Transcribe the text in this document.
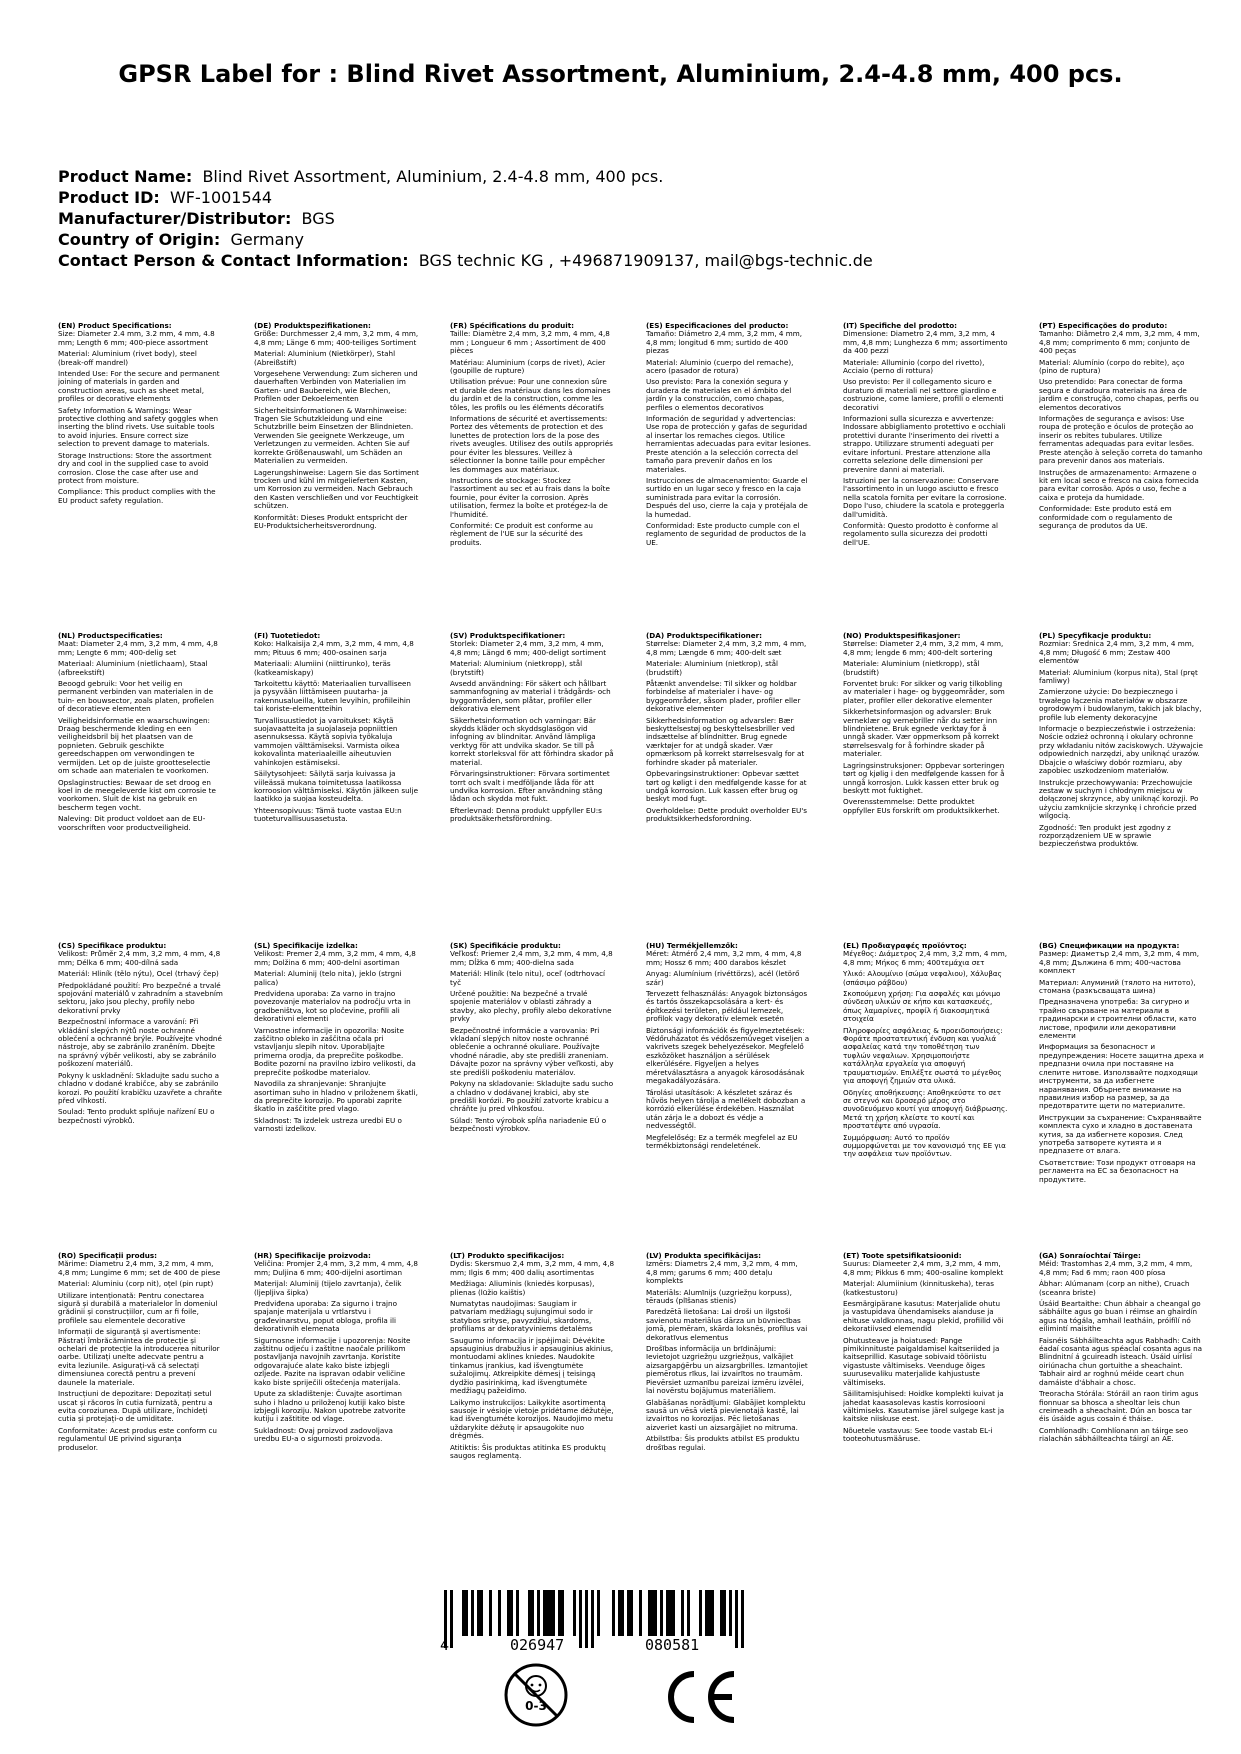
GPSR Label for : Blind Rivet Assortment, Aluminium, 2.4-4.8 mm, 400 pcs.
Product Name: Blind Rivet Assortment, Aluminium, 2.4-4.8 mm, 400 pcs.
Product ID: WF-1001544
Manufacturer/Distributor: BGS
Country of Origin: Germany
Contact Person & Contact Information: BGS technic KG , +496871909137, mail@bgs-technic.de
(EN) Product Specifications:
Size: Diameter 2.4 mm, 3.2 mm, 4 mm, 4.8 mm; Length 6 mm; 400-piece assortment
Material: Aluminium (rivet body), steel (break-off mandrel)
Intended Use: For the secure and permanent joining of materials in garden and construction areas, such as sheet metal, profiles or decorative elements
Safety Information & Warnings: Wear protective clothing and safety goggles when inserting the blind rivets. Use suitable tools to avoid injuries. Ensure correct size selection to prevent damage to materials.
Storage Instructions: Store the assortment dry and cool in the supplied case to avoid corrosion. Close the case after use and protect from moisture.
Compliance: This product complies with the EU product safety regulation.
(DE) Produktspezifikationen:
Größe: Durchmesser 2,4 mm, 3,2 mm, 4 mm, 4,8 mm; Länge 6 mm; 400-teiliges Sortiment
Material: Aluminium (Nietkörper), Stahl (Abreißstift)
Vorgesehene Verwendung: Zum sicheren und dauerhaften Verbinden von Materialien im Garten- und Baubereich, wie Blechen, Profilen oder Dekoelementen
Sicherheitsinformationen & Warnhinweise: Tragen Sie Schutzkleidung und eine Schutzbrille beim Einsetzen der Blindnieten. Verwenden Sie geeignete Werkzeuge, um Verletzungen zu vermeiden. Achten Sie auf korrekte Größenauswahl, um Schäden an Materialien zu vermeiden.
Lagerungshinweise: Lagern Sie das Sortiment trocken und kühl im mitgelieferten Kasten, um Korrosion zu vermeiden. Nach Gebrauch den Kasten verschließen und vor Feuchtigkeit schützen.
Konformität: Dieses Produkt entspricht der EU-Produktsicherheitsverordnung.
(FR) Spécifications du produit:
Taille: Diamètre 2,4 mm, 3,2 mm, 4 mm, 4,8 mm ; Longueur 6 mm ; Assortiment de 400 pièces
Matériau: Aluminium (corps de rivet), Acier (goupille de rupture)
Utilisation prévue: Pour une connexion sûre et durable des matériaux dans les domaines du jardin et de la construction, comme les tôles, les profils ou les éléments décoratifs
Informations de sécurité et avertissements: Portez des vêtements de protection et des lunettes de protection lors de la pose des rivets aveugles. Utilisez des outils appropriés pour éviter les blessures. Veillez à sélectionner la bonne taille pour empêcher les dommages aux matériaux.
Instructions de stockage: Stockez l'assortiment au sec et au frais dans la boîte fournie, pour éviter la corrosion. Après utilisation, fermez la boîte et protégez-la de l'humidité.
Conformité: Ce produit est conforme au règlement de l'UE sur la sécurité des produits.
(ES) Especificaciones del producto:
Tamaño: Diámetro 2,4 mm, 3,2 mm, 4 mm, 4,8 mm; longitud 6 mm; surtido de 400 piezas
Material: Aluminio (cuerpo del remache), acero (pasador de rotura)
Uso previsto: Para la conexión segura y duradera de materiales en el ámbito del jardín y la construcción, como chapas, perfiles o elementos decorativos
Información de seguridad y advertencias: Use ropa de protección y gafas de seguridad al insertar los remaches ciegos. Utilice herramientas adecuadas para evitar lesiones. Preste atención a la selección correcta del tamaño para prevenir daños en los materiales.
Instrucciones de almacenamiento: Guarde el surtido en un lugar seco y fresco en la caja suministrada para evitar la corrosión. Después del uso, cierre la caja y protéjala de la humedad.
Conformidad: Este producto cumple con el reglamento de seguridad de productos de la UE.
(IT) Specifiche del prodotto:
Dimensione: Diametro 2,4 mm, 3,2 mm, 4 mm, 4,8 mm; Lunghezza 6 mm; assortimento da 400 pezzi
Materiale: Alluminio (corpo del rivetto), Acciaio (perno di rottura)
Uso previsto: Per il collegamento sicuro e duraturo di materiali nel settore giardino e costruzione, come lamiere, profili o elementi decorativi
Informazioni sulla sicurezza e avvertenze: Indossare abbigliamento protettivo e occhiali protettivi durante l'inserimento dei rivetti a strappo. Utilizzare strumenti adeguati per evitare infortuni. Prestare attenzione alla corretta selezione delle dimensioni per prevenire danni ai materiali.
Istruzioni per la conservazione: Conservare l'assortimento in un luogo asciutto e fresco nella scatola fornita per evitare la corrosione. Dopo l'uso, chiudere la scatola e proteggerla dall'umidità.
Conformità: Questo prodotto è conforme al regolamento sulla sicurezza dei prodotti dell'UE.
(PT) Especificações do produto:
Tamanho: Diâmetro 2,4 mm, 3,2 mm, 4 mm, 4,8 mm; comprimento 6 mm; conjunto de 400 peças
Material: Alumínio (corpo do rebite), aço (pino de ruptura)
Uso pretendido: Para conectar de forma segura e duradoura materiais na área de jardim e construção, como chapas, perfis ou elementos decorativos
Informações de segurança e avisos: Use roupa de proteção e óculos de proteção ao inserir os rebites tubulares. Utilize ferramentas adequadas para evitar lesões. Preste atenção à seleção correta do tamanho para prevenir danos aos materiais.
Instruções de armazenamento: Armazene o kit em local seco e fresco na caixa fornecida para evitar corrosão. Após o uso, feche a caixa e proteja da humidade.
Conformidade: Este produto está em conformidade com o regulamento de segurança de produtos da UE.
(NL) Productspecificaties:
Maat: Diameter 2,4 mm, 3,2 mm, 4 mm, 4,8 mm; Lengte 6 mm; 400-delig set
Materiaal: Aluminium (nietlichaam), Staal (afbreekstift)
Beoogd gebruik: Voor het veilig en permanent verbinden van materialen in de tuin- en bouwsector, zoals platen, profielen of decoratieve elementen
Veiligheidsinformatie en waarschuwingen: Draag beschermende kleding en een veiligheidsbril bij het plaatsen van de popnieten. Gebruik geschikte gereedschappen om verwondingen te vermijden. Let op de juiste grootteselectie om schade aan materialen te voorkomen.
Opslaginstructies: Bewaar de set droog en koel in de meegeleverde kist om corrosie te voorkomen. Sluit de kist na gebruik en bescherm tegen vocht.
Naleving: Dit product voldoet aan de EU-voorschriften voor productveiligheid.
(FI) Tuotetiedot:
Koko: Halkaisija 2,4 mm, 3,2 mm, 4 mm, 4,8 mm; Pituus 6 mm; 400-osainen sarja
Materiaali: Alumiini (niittirunko), teräs (katkeamiskapy)
Tarkoitettu käyttö: Materiaalien turvalliseen ja pysyvään liittämiseen puutarha- ja rakennusalueilla, kuten levyihin, profiileihin tai koriste-elementteihin
Turvallisuustiedot ja varoitukset: Käytä suojavaatteita ja suojalaseja popniittien asennuksessa. Käytä sopivia työkaluja vammojen välttämiseksi. Varmista oikea kokovalinta materiaaleille aiheutuvien vahinkojen estämiseksi.
Säilytysohjeet: Säilytä sarja kuivassa ja viileässä mukana toimitetussa laatikossa korroosion välttämiseksi. Käytön jälkeen sulje laatikko ja suojaa kosteudelta.
Yhteensopivuus: Tämä tuote vastaa EU:n tuoteturvallisuusasetusta.
(SV) Produktspecifikationer:
Storlek: Diameter 2,4 mm, 3,2 mm, 4 mm, 4,8 mm; Längd 6 mm; 400-deligt sortiment
Material: Aluminium (nietkropp), stål (brytstift)
Avsedd användning: För säkert och hållbart sammanfogning av material i trädgårds- och byggområden, som plåtar, profiler eller dekorativa element
Säkerhetsinformation och varningar: Bär skydds kläder och skyddsglasögon vid infogning av blindnitar. Använd lämpliga verktyg för att undvika skador. Se till på korrekt storleksval för att förhindra skador på material.
Förvaringsinstruktioner: Förvara sortimentet torrt och svalt i medföljande låda för att undvika korrosion. Efter användning stäng lådan och skydda mot fukt.
Efterlevnad: Denna produkt uppfyller EU:s produktsäkerhetsförordning.
(DA) Produktspecifikationer:
Størrelse: Diameter 2,4 mm, 3,2 mm, 4 mm, 4,8 mm; Længde 6 mm; 400-delt sæt
Materiale: Aluminium (nietkrop), stål (brudstift)
Påtænkt anvendelse: Til sikker og holdbar forbindelse af materialer i have- og byggeområder, såsom plader, profiler eller dekorative elementer
Sikkerhedsinformation og advarsler: Bær beskyttelsestøj og beskyttelsesbriller ved indsættelse af blindnitter. Brug egnede værktøjer for at undgå skader. Vær opmærksom på korrekt størrelsesvalg for at forhindre skader på materialer.
Opbevaringsinstruktioner: Opbevar sættet tørt og køligt i den medfølgende kasse for at undgå korrosion. Luk kassen efter brug og beskyt mod fugt.
Overholdelse: Dette produkt overholder EU's produktsikkerhedsforordning.
(NO) Produktspesifikasjoner:
Størrelse: Diameter 2,4 mm, 3,2 mm, 4 mm, 4,8 mm; lengde 6 mm; 400-delt sortering
Materiale: Aluminium (nietkropp), stål (brudstift)
Forventet bruk: For sikker og varig tilkobling av materialer i hage- og byggeområder, som plater, profiler eller dekorative elementer
Sikkerhetsinformasjon og advarsler: Bruk verneklær og vernebriller når du setter inn blindnietene. Bruk egnede verktøy for å unngå skader. Vær oppmerksom på korrekt størrelsesvalg for å forhindre skader på materialer.
Lagringsinstruksjoner: Oppbevar sorteringen tørt og kjølig i den medfølgende kassen for å unngå korrosjon. Lukk kassen etter bruk og beskytt mot fuktighet.
Overensstemmelse: Dette produktet oppfyller EUs forskrift om produktsikkerhet.
(PL) Specyfikacje produktu:
Rozmiar: Średnica 2,4 mm, 3,2 mm, 4 mm, 4,8 mm; Długość 6 mm; Zestaw 400 elementów
Materiał: Aluminium (korpus nita), Stal (pręt famliwy)
Zamierzone użycie: Do bezpiecznego i trwałego łączenia materiałów w obszarze ogrodowym i budowlanym, takich jak blachy, profile lub elementy dekoracyjne
Informacje o bezpieczeństwie i ostrzeżenia: Noście odzież ochronną i okulary ochronne przy wkładaniu nitów zaciskowych. Używajcie odpowiednich narzędzi, aby uniknąć urazów. Dbajcie o właściwy dobór rozmiaru, aby zapobiec uszkodzeniom materiałów.
Instrukcje przechowywania: Przechowujcie zestaw w suchym i chłodnym miejscu w dołączonej skrzynce, aby uniknąć korozji. Po użyciu zamknijcie skrzynkę i chrońcie przed wilgocią.
Zgodność: Ten produkt jest zgodny z rozporządzeniem UE w sprawie bezpieczeństwa produktów.
(CS) Specifikace produktu:
Velikost: Průměr 2,4 mm, 3,2 mm, 4 mm, 4,8 mm; Délka 6 mm; 400-dílná sada
Materiál: Hliník (tělo nýtu), Ocel (trhavý čep)
Předpokládané použití: Pro bezpečné a trvalé spojování materiálů v zahradním a stavebním sektoru, jako jsou plechy, profily nebo dekorativní prvky
Bezpečnostní informace a varování: Při vkládání slepých nýtů noste ochranné oblečení a ochranné brýle. Používejte vhodné nástroje, aby se zabránilo zraněním. Dbejte na správný výběr velikosti, aby se zabránilo poškození materiálů.
Pokyny k uskladnění: Skladujte sadu sucho a chladno v dodané krabičce, aby se zabránilo korozi. Po použití krabičku uzavřete a chraňte před vlhkostí.
Soulad: Tento produkt splňuje nařízení EU o bezpečnosti výrobků.
(SL) Specifikacije izdelka:
Velikost: Premer 2,4 mm, 3,2 mm, 4 mm, 4,8 mm; Dolžina 6 mm; 400-delni asortiman
Material: Aluminij (telo nita), jeklo (strgni palica)
Predvidena uporaba: Za varno in trajno povezovanje materialov na področju vrta in gradbeništva, kot so pločevine, profili ali dekorativni elementi
Varnostne informacije in opozorila: Nosite zaščitno obleko in zaščitna očala pri vstavljanju slepih nitov. Uporabljajte primerna orodja, da preprečite poškodbe. Bodite pozorni na pravilno izbiro velikosti, da preprečite poškodbe materialov.
Navodila za shranjevanje: Shranjujte asortiman suho in hladno v priloženem škatli, da preprečite korozijo. Po uporabi zaprite škatlo in zaščitite pred vlago.
Skladnost: Ta izdelek ustreza uredbi EU o varnosti izdelkov.
(SK) Špecifikácie produktu:
Veľkosť: Priemer 2,4 mm, 3,2 mm, 4 mm, 4,8 mm; Dĺžka 6 mm; 400-dielna sada
Materiál: Hliník (telo nitu), oceľ (odtrhovací tyč
Určené použitie: Na bezpečné a trvalé spojenie materiálov v oblasti záhrady a stavby, ako plechy, profily alebo dekoratívne prvky
Bezpečnostné informácie a varovania: Pri vkladaní slepých nitov noste ochranné oblečenie a ochranné okuliare. Používajte vhodné náradie, aby ste predišli zraneniam. Dávajte pozor na správny výber veľkosti, aby ste predišli poškodeniu materiálov.
Pokyny na skladovanie: Skladujte sadu sucho a chladno v dodávanej krabici, aby ste predišli korózii. Po použití zatvorte krabicu a chráňte ju pred vlhkosťou.
Súlad: Tento výrobok spĺňa nariadenie EÚ o bezpečnosti výrobkov.
(HU) Termékjellemzők:
Méret: Átmérő 2,4 mm, 3,2 mm, 4 mm, 4,8 mm; Hossz 6 mm; 400 darabos készlet
Anyag: Alumínium (rivéttörzs), acél (letörő szár)
Tervezett felhasználás: Anyagok biztonságos és tartós összekapcsolására a kert- és építkezési területen, például lemezek, profilok vagy dekoratív elemek esetén
Biztonsági információk és figyelmeztetések: Védőruházatot és védőszemüveget viseljen a vakrivets szegek behelyezésekor. Megfelelő eszközöket használjon a sérülések elkerülésére. Figyeljen a helyes méretválasztásra a anyagok károsodásának megakadályozására.
Tárolási utasítások: A készletet száraz és hűvös helyen tárolja a mellékelt dobozban a korrózió elkerülése érdekében. Használat után zárja le a dobozt és védje a nedvességtől.
Megfelelőség: Ez a termék megfelel az EU termékbiztonsági rendeletének.
(EL) Προδιαγραφές προϊόντος:
Μέγεθος: Διάμετρος 2,4 mm, 3,2 mm, 4 mm, 4,8 mm; Μήκος 6 mm; 400τεμάχια σετ
Υλικό: Αλουμίνιο (σώμα νεφαλιου), Χάλυβας (σπάσιμο ράβδου)
Σκοπούμενη χρήση: Για ασφαλές και μόνιμο σύνδεση υλικών σε κήπο και κατασκευές, όπως λαμαρίνες, προφίλ ή διακοσμητικά στοιχεία
Πληροφορίες ασφάλειας & προειδοποιήσεις: Φοράτε προστατευτική ένδυση και γυαλιά ασφαλείας κατά την τοποθέτηση των τυφλών νεφαλιων. Χρησιμοποιήστε κατάλληλα εργαλεία για αποφυγή τραυματισμών. Επιλέξτε σωστά το μέγεθος για αποφυγή ζημιών στα υλικά.
Οδηγίες αποθήκευσης: Αποθηκεύστε το σετ σε στεγνό και δροσερό μέρος στο συνοδευόμενο κουτί για αποφυγή διάβρωσης. Μετά τη χρήση κλείστε το κουτί και προστατέψτε από υγρασία.
Συμμόρφωση: Αυτό το προϊόν συμμορφώνεται με τον κανονισμό της ΕΕ για την ασφάλεια των προϊόντων.
(BG) Спецификации на продукта:
Размер: Диаметър 2,4 mm, 3,2 mm, 4 mm, 4,8 mm; Дължина 6 mm; 400-частова комплект
Материал: Алуминий (тялото на нитото), стомана (разкъсващата шина)
Предназначена употреба: За сигурно и трайно свързване на материали в градинарски и строителни области, като листове, профили или декоративни елементи
Информация за безопасност и предупреждения: Носете защитна дреха и предпазни очила при поставяне на слепите нитове. Използвайте подходящи инструменти, за да избегнете наранявания. Обърнете внимание на правилния избор на размер, за да предотвратите щети по материалите.
Инструкции за съхранение: Съхранявайте комплекта сухо и хладно в доставената кутия, за да избегнете корозия. След употреба затворете кутията и я предпазете от влага.
Съответствие: Този продукт отговаря на регламента на ЕС за безопасност на продуктите.
(RO) Specificații produs:
Mărime: Diametru 2,4 mm, 3,2 mm, 4 mm, 4,8 mm; Lungime 6 mm; set de 400 de piese
Material: Aluminiu (corp nit), oțel (pin rupt)
Utilizare intenționată: Pentru conectarea sigură și durabilă a materialelor în domeniul grădinii și construcțiilor, cum ar fi foile, profilele sau elementele decorative
Informații de siguranță și avertismente: Păstrați îmbrăcămintea de protecție și ochelari de protecție la introducerea niturilor oarbe. Utilizați unelte adecvate pentru a evita leziunile. Asigurați-vă că selectați dimensiunea corectă pentru a preveni daunele la materiale.
Instrucțiuni de depozitare: Depozitați setul uscat și răcoros în cutia furnizată, pentru a evita coroziunea. După utilizare, închideți cutia și protejați-o de umiditate.
Conformitate: Acest produs este conform cu regulamentul UE privind siguranța produselor.
(HR) Specifikacije proizvoda:
Veličina: Promjer 2,4 mm, 3,2 mm, 4 mm, 4,8 mm; Duljina 6 mm; 400-dijelni asortiman
Materijal: Aluminij (tijelo zavrtanja), čelik (ljepljiva šipka)
Predviđena uporaba: Za sigurno i trajno spajanje materijala u vrtlarstvu i građevinarstvu, poput obloga, profila ili dekorativnih elemenata
Sigurnosne informacije i upozorenja: Nosite zaštitnu odjeću i zaštitne naočale prilikom postavljanja navojnih zavrtanja. Koristite odgovarajuće alate kako biste izbjegli ozljede. Pazite na ispravan odabir veličine kako biste spriječili oštećenja materijala.
Upute za skladištenje: Čuvajte asortiman suho i hladno u priloženoj kutiji kako biste izbjegli koroziju. Nakon upotrebe zatvorite kutiju i zaštitite od vlage.
Sukladnost: Ovaj proizvod zadovoljava uredbu EU-a o sigurnosti proizvoda.
(LT) Produkto specifikacijos:
Dydis: Skersmuo 2,4 mm, 3,2 mm, 4 mm, 4,8 mm; Ilgis 6 mm; 400 dalių asortimentas
Medžiaga: Aliuminis (kniedės korpusas), plienas (lūžio kaištis)
Numatytas naudojimas: Saugiam ir patvariam medžiagų sujungimui sodo ir statybos srityse, pavyzdžiui, skardoms, profiliams ar dekoratyviniems detalėms
Saugumo informacija ir įspėjimai: Dėvėkite apsauginius drabužius ir apsauginius akinius, montuodami aklines kniedes. Naudokite tinkamus įrankius, kad išvengtumėte sužalojimų. Atkreipkite dėmesį į teisingą dydžio pasirinkimą, kad išvengtumėte medžiagų pažeidimo.
Laikymo instrukcijos: Laikykite asortimentą sausoje ir vėsioje vietoje pridėtame dėžutėje, kad išvengtumėte korozijos. Naudojimo metu uždarykite dėžutę ir apsaugokite nuo drėgmės.
Atitiktis: Šis produktas atitinka ES produktų saugos reglamentą.
(LV) Produkta specifikācijas:
Izmērs: Diametrs 2,4 mm, 3,2 mm, 4 mm, 4,8 mm; garums 6 mm; 400 detaļu komplekts
Materiāls: Alumīnijs (uzgriežņu korpuss), tērauds (plīšanas stienis)
Paredzētā lietošana: Lai droši un ilgstoši savienotu materiālus dārza un būvniecības jomā, piemēram, skārda loksnēs, profilus vai dekoratīvus elementus
Drošības informācija un brīdinājumi: Ievietojot uzgriežņu uzgriežņus, valkājiet aizsargapģērbu un aizsargbrilles. Izmantojiet piemērotus rīkus, lai izvairītos no traumām. Pievērsiet uzmanību pareizai izmēru izvēlei, lai novērstu bojājumus materiāliem.
Glabāšanas norādījumi: Glabājiet komplektu sausā un vēsā vietā pievienotajā kastē, lai izvairītos no korozijas. Pēc lietošanas aizveriet kasti un aizsargājiet no mitruma.
Atbilstība: Šis produkts atbilst ES produktu drošības regulai.
(ET) Toote spetsifikatsioonid:
Suurus: Diameeter 2,4 mm, 3,2 mm, 4 mm, 4,8 mm; Pikkus 6 mm; 400-osaline komplekt
Materjal: Alumiinium (kinnituskeha), teras (katkestustoru)
Eesmärgipärane kasutus: Materjalide ohutu ja vastupidava ühendamiseks aianduse ja ehituse valdkonnas, nagu plekid, profiilid või dekoratiivsed elemendid
Ohutusteave ja hoiatused: Pange pimikinnituste paigaldamisel kaitseriided ja kaitseprillid. Kasutage sobivaid tööriistu vigastuste vältimiseks. Veenduge õiges suurusevaliku materjalide kahjustuste vältimiseks.
Säilitamisjuhised: Hoidke komplekti kuivat ja jahedat kaasasolevas kastis korrosiooni vältimiseks. Kasutamise järel sulgege kast ja kaitske niiskuse eest.
Nõuetele vastavus: See toode vastab EL-i tooteohutusmääruse.
(GA) Sonraíochtaí Táirge:
Méid: Trastomhas 2,4 mm, 3,2 mm, 4 mm, 4,8 mm; Fad 6 mm; raon 400 píosa
Ábhar: Alúmanam (corp an nithe), Cruach (sceanra briste)
Úsáid Beartaithe: Chun ábhair a cheangal go sábháilte agus go buan i réimse an ghairdín agus na tógála, amhail leatháin, próifílí nó eilimintí maisithe
Faisnéis Sábháilteachta agus Rabhadh: Caith éadaí cosanta agus spéaclaí cosanta agus na Blindnitní á gcuireadh isteach. Úsáid uirlisí oiriúnacha chun gortuithe a sheachaint. Tabhair aird ar roghnú méide ceart chun damáiste d'ábhair a chosc.
Treoracha Stórála: Stóráil an raon tirim agus fionnuar sa bhosca a sheoltar leis chun creimeadh a sheachaint. Dún an bosca tar éis úsáide agus cosain é tháise.
Comhlíonadh: Comhlíonann an táirge seo rialachán sábháilteachta táirgí an AE.
4	026947	080581
0-3
